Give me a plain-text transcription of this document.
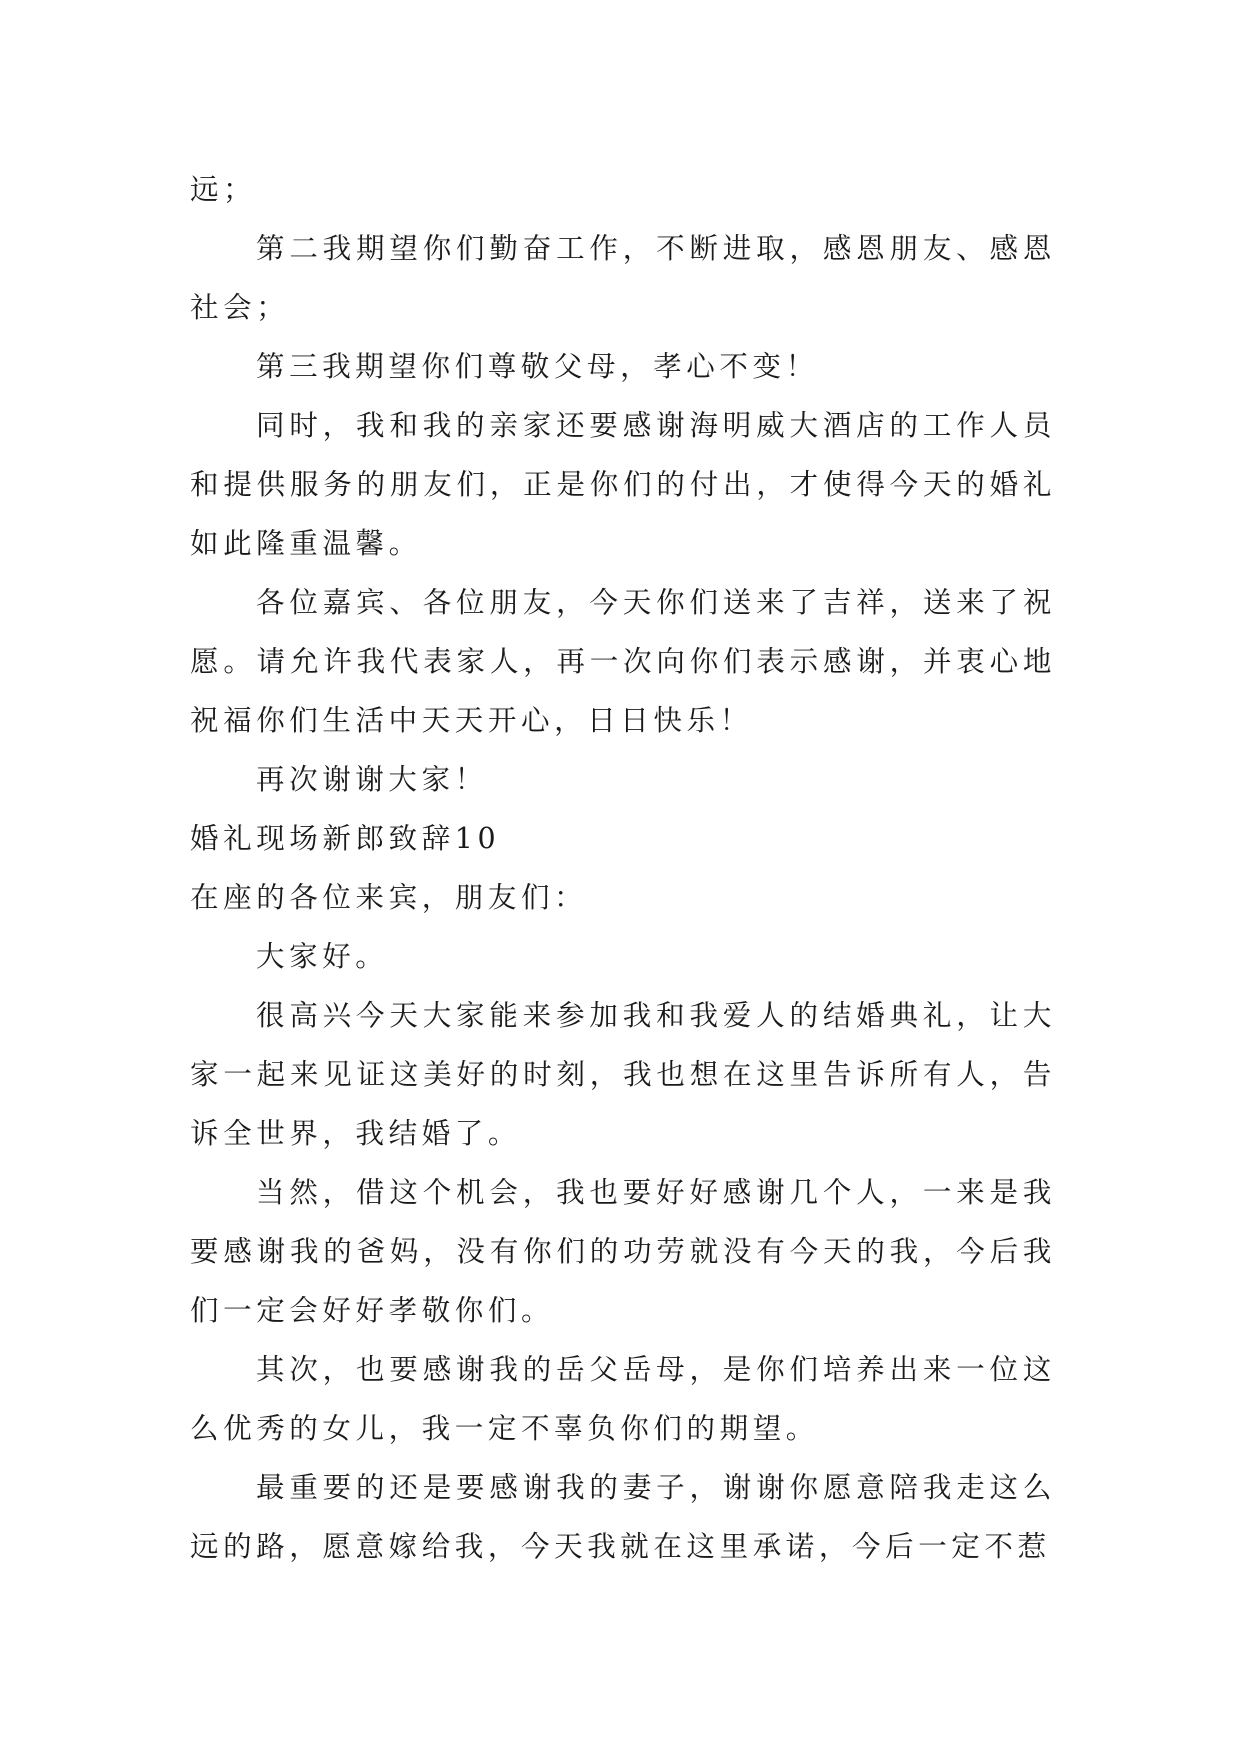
远；

第二我期望你们勤奋工作，不断进取，感恩朋友、感恩社会；

第三我期望你们尊敬父母，孝心不变！

同时，我和我的亲家还要感谢海明威大酒店的工作人员和提供服务的朋友们，正是你们的付出，才使得今天的婚礼如此隆重温馨。

各位嘉宾、各位朋友，今天你们送来了吉祥，送来了祝愿。请允许我代表家人，再一次向你们表示感谢，并衷心地祝福你们生活中天天开心，日日快乐！

再次谢谢大家！

婚礼现场新郎致辞10

在座的各位来宾，朋友们：

大家好。

很高兴今天大家能来参加我和我爱人的结婚典礼，让大家一起来见证这美好的时刻，我也想在这里告诉所有人，告诉全世界，我结婚了。

当然，借这个机会，我也要好好感谢几个人，一来是我要感谢我的爸妈，没有你们的功劳就没有今天的我，今后我们一定会好好孝敬你们。

其次，也要感谢我的岳父岳母，是你们培养出来一位这么优秀的女儿，我一定不辜负你们的期望。

最重要的还是要感谢我的妻子，谢谢你愿意陪我走这么远的路，愿意嫁给我，今天我就在这里承诺，今后一定不惹
